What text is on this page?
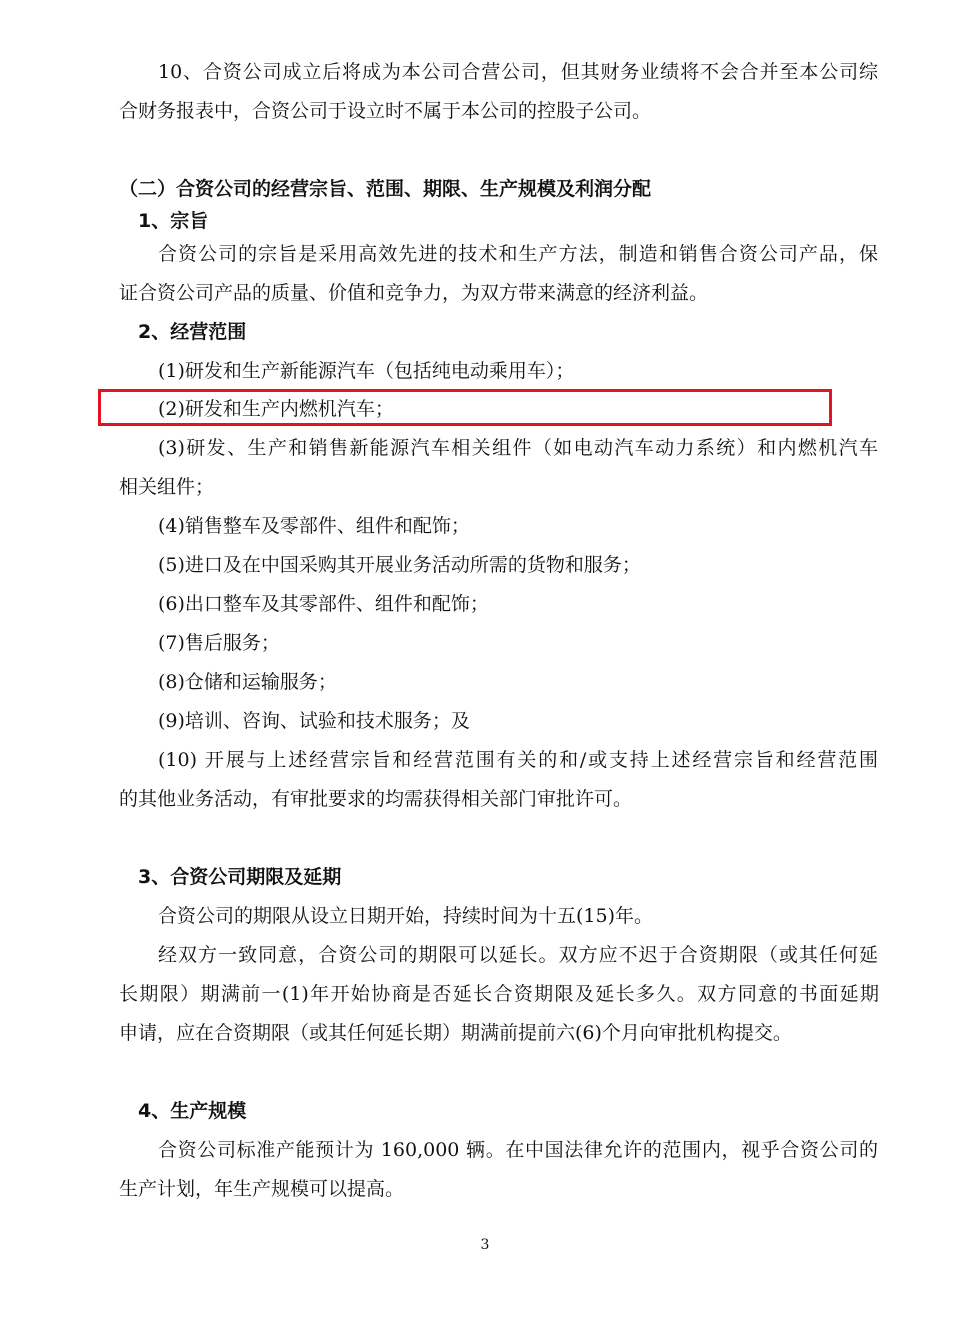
10、合资公司成立后将成为本公司合营公司，但其财务业绩将不会合并至本公司综
合财务报表中，合资公司于设立时不属于本公司的控股子公司。
（二）合资公司的经营宗旨、范围、期限、生产规模及利润分配
1、宗旨
合资公司的宗旨是采用高效先进的技术和生产方法，制造和销售合资公司产品，保
证合资公司产品的质量、价值和竞争力，为双方带来满意的经济利益。
2、经营范围
(1)研发和生产新能源汽车（包括纯电动乘用车）；
(2)研发和生产内燃机汽车；
(3)研发、生产和销售新能源汽车相关组件（如电动汽车动力系统）和内燃机汽车
相关组件；
(4)销售整车及零部件、组件和配饰；
(5)进口及在中国采购其开展业务活动所需的货物和服务；
(6)出口整车及其零部件、组件和配饰；
(7)售后服务；
(8)仓储和运输服务；
(9)培训、咨询、试验和技术服务；及
(10) 开展与上述经营宗旨和经营范围有关的和/或支持上述经营宗旨和经营范围
的其他业务活动，有审批要求的均需获得相关部门审批许可。
3、合资公司期限及延期
合资公司的期限从设立日期开始，持续时间为十五(15)年。
经双方一致同意，合资公司的期限可以延长。双方应不迟于合资期限（或其任何延
长期限）期满前一(1)年开始协商是否延长合资期限及延长多久。双方同意的书面延期
申请，应在合资期限（或其任何延长期）期满前提前六(6)个月向审批机构提交。
4、生产规模
合资公司标准产能预计为 160,000 辆。在中国法律允许的范围内，视乎合资公司的
生产计划，年生产规模可以提高。
3
